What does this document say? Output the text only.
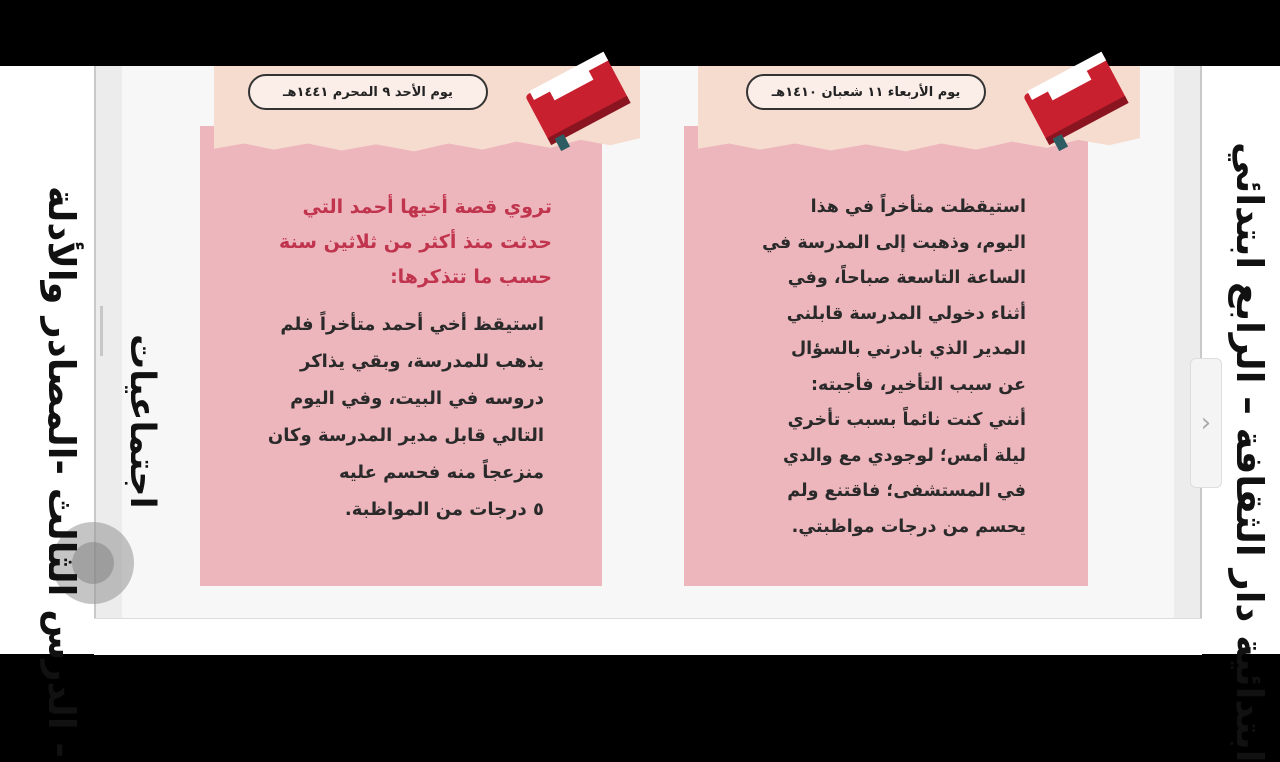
يوم الأحد ٩ المحرم ١٤٤١هـ
تروي قصة أخيها أحمد التي
حدثت منذ أكثر من ثلاثين سنة
حسب ما تتذكرها:
استيقظ أخي أحمد متأخراً فلم
يذهب للمدرسة، وبقي يذاكر
دروسه في البيت، وفي اليوم
التالي قابل مدير المدرسة وكان
منزعجاً منه فحسم عليه
٥ درجات من المواظبة.
يوم الأربعاء ١١ شعبان ١٤١٠هـ
استيقظت متأخراً في هذا
اليوم، وذهبت إلى المدرسة في
الساعة التاسعة صباحاً، وفي
أثناء دخولي المدرسة قابلني
المدير الذي بادرني بالسؤال
عن سبب التأخير، فأجبته:
أنني كنت نائماً بسبب تأخري
ليلة أمس؛ لوجودي مع والدي
في المستشفى؛ فاقتنع ولم
يحسم من درجات مواظبتي.
›
الدرس الثالث -المصادر والأدلة -
اجتماعيات	ابتدائية دار الثقافة – الرابع ابتدائي
